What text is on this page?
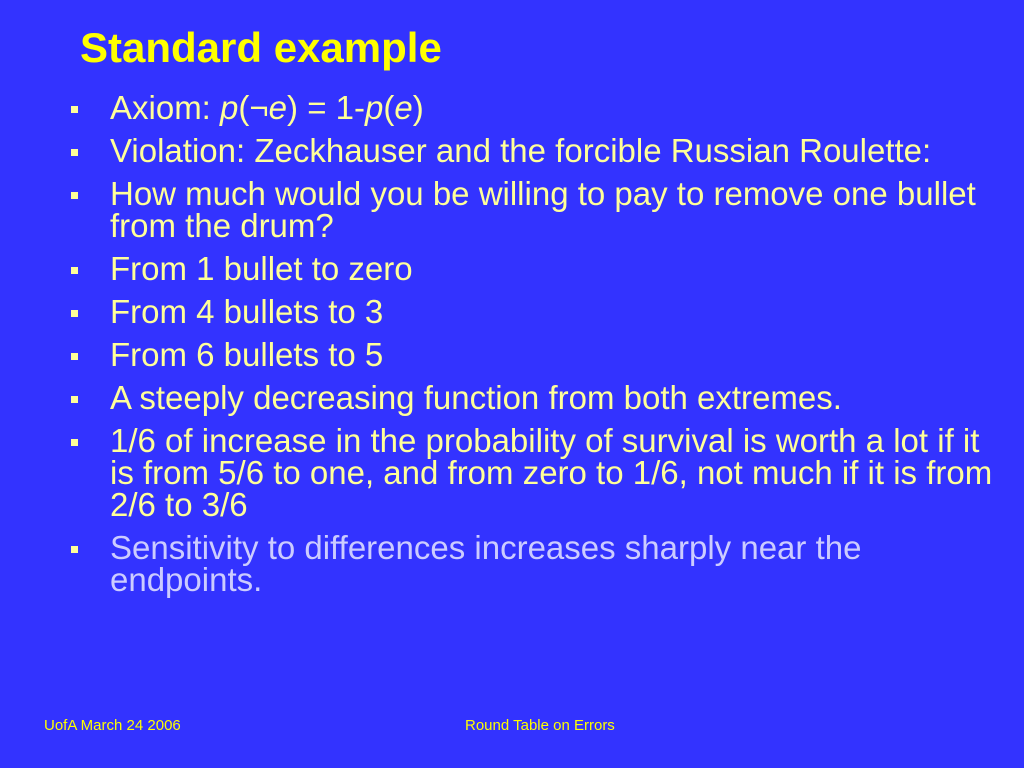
Standard example
Axiom: p(¬e) = 1-p(e)
Violation: Zeckhauser and the forcible Russian Roulette:
How much would you be willing to pay to remove one bullet from the drum?
From 1 bullet to zero
From 4 bullets to 3
From 6 bullets to 5
A steeply decreasing function from both extremes.
1/6 of increase in the probability of survival is worth a lot if it is from 5/6 to one, and from zero to 1/6, not much if it is from 2/6 to 3/6
Sensitivity to differences increases sharply near the endpoints.
UofA March 24 2006	Round Table on Errors
